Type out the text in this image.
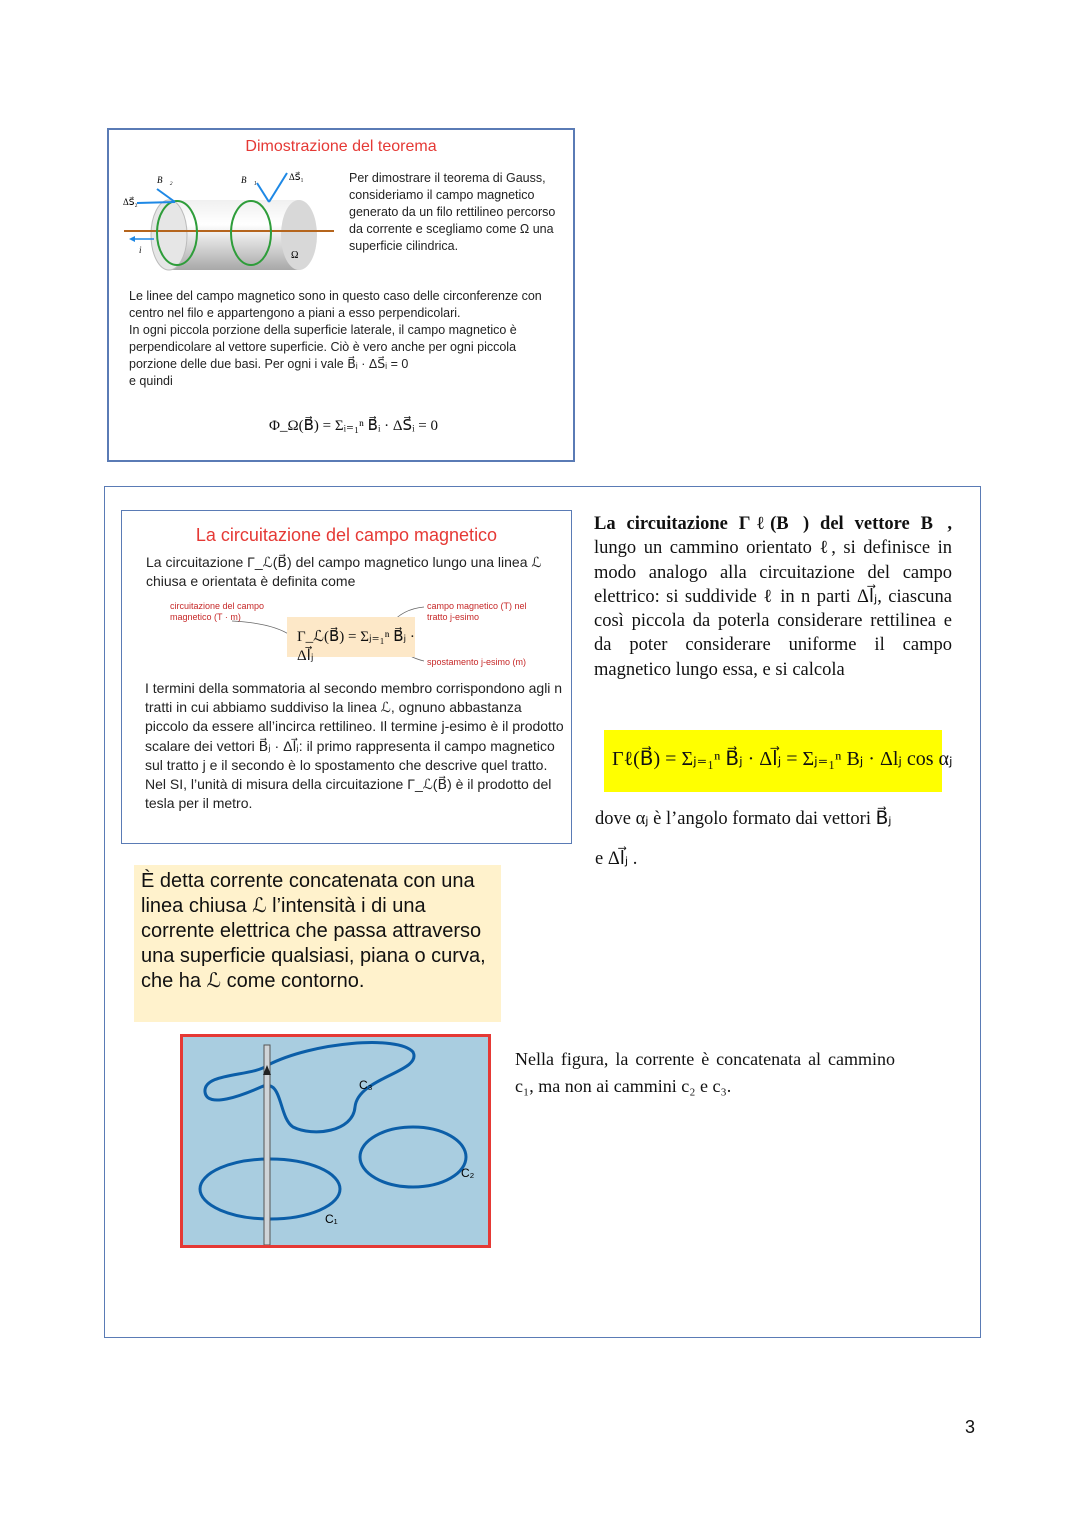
Dimostrazione del teorema
B⃗₂
ΔS⃗₂
B⃗₁	ΔS⃗₁
i	Ω
Per dimostrare il teorema di Gauss, consideriamo il campo magnetico generato da un filo rettilineo percorso da corrente e scegliamo come Ω una superficie cilindrica.

Le linee del campo magnetico sono in questo caso delle circonferenze con centro nel filo e appartengono a piani a esso perpendicolari.

In ogni piccola porzione della superficie laterale, il campo magnetico è perpendicolare al vettore superficie. Ciò è vero anche per ogni piccola porzione delle due basi. Per ogni i vale B⃗ᵢ · ΔS⃗ᵢ = 0

e quindi

Φ_Ω(B⃗) = Σᵢ₌₁ⁿ B⃗ᵢ · ΔS⃗ᵢ = 0
La circuitazione del campo magnetico
La circuitazione Γ_ℒ(B⃗) del campo magnetico lungo una linea ℒ chiusa e orientata è definita come
circuitazione del campo magnetico (T · m)
campo magnetico (T) nel tratto j-esimo
spostamento j-esimo (m)
Γ_ℒ(B⃗) = Σⱼ₌₁ⁿ B⃗ⱼ · Δl⃗ⱼ

I termini della sommatoria al secondo membro corrispondono agli n tratti in cui abbiamo suddiviso la linea ℒ, ognuno abbastanza piccolo da essere all’incirca rettilineo. Il termine j-esimo è il prodotto scalare dei vettori B⃗ⱼ · Δl⃗ⱼ: il primo rappresenta il campo magnetico sul tratto j e il secondo è lo spostamento che descrive quel tratto.

Nel SI, l’unità di misura della circuitazione Γ_ℒ(B⃗) è il prodotto del tesla per il metro.

La circuitazione Γℓ(B⃗) del vettore B⃗, lungo un cammino orientato ℓ, si definisce in modo analogo alla circuitazione del campo elettrico: si suddivide ℓ in n parti Δl⃗ⱼ, ciascuna così piccola da poterla considerare rettilinea e da poter considerare uniforme il campo magnetico lungo essa, e si calcola
Γℓ(B⃗) = Σⱼ₌₁ⁿ B⃗ⱼ · Δl⃗ⱼ = Σⱼ₌₁ⁿ Bⱼ · Δlⱼ cos αⱼ
dove αⱼ è l’angolo formato dai vettori B⃗ⱼ
e Δl⃗ⱼ .
È detta corrente concatenata con una linea chiusa ℒ l’intensità i di una corrente elettrica che passa attraverso una superficie qualsiasi, piana o curva, che ha ℒ come contorno.
C₃
C₂
C₁
Nella figura, la corrente è concatenata al cammino c₁, ma non ai cammini c₂ e c₃.
3
